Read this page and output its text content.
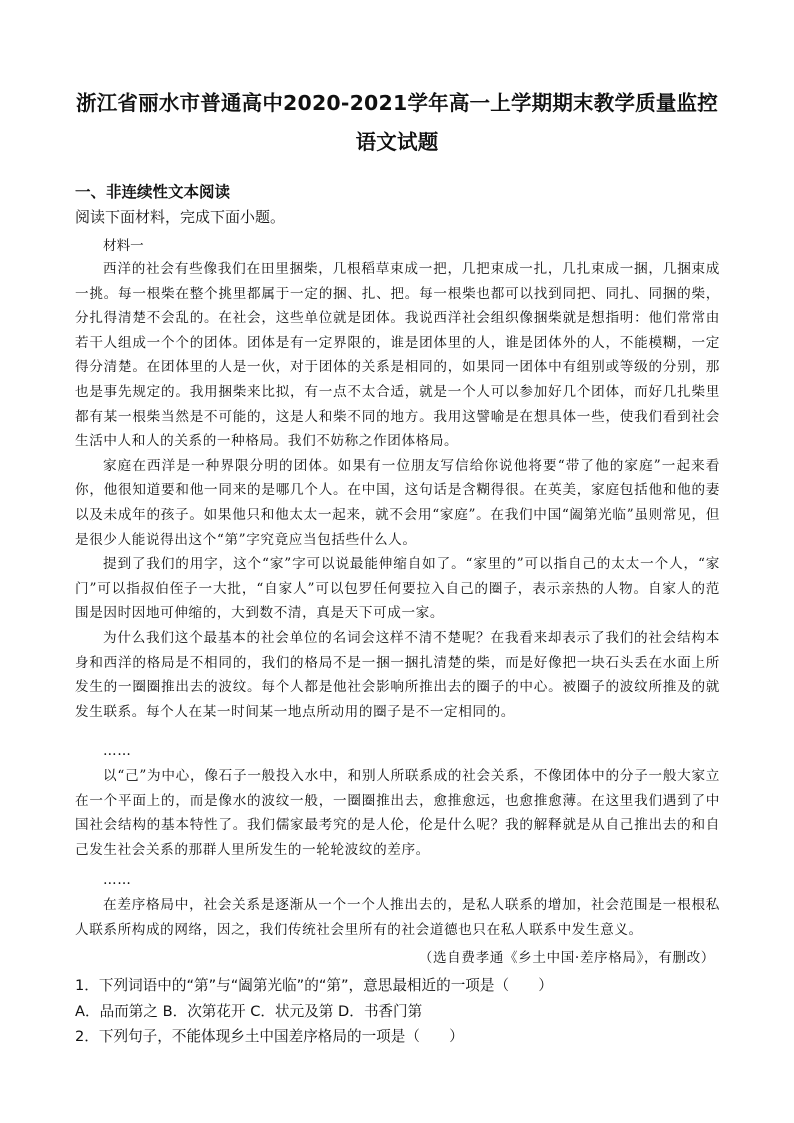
浙江省丽水市普通高中2020-2021学年高一上学期期末教学质量监控
语文试题
一、非连续性文本阅读
阅读下面材料，完成下面小题。
材料一

西洋的社会有些像我们在田里捆柴，几根稻草束成一把，几把束成一扎，几扎束成一捆，几捆束成一挑。每一根柴在整个挑里都属于一定的捆、扎、把。每一根柴也都可以找到同把、同扎、同捆的柴，分扎得清楚不会乱的。在社会，这些单位就是团体。我说西洋社会组织像捆柴就是想指明：他们常常由若干人组成一个个的团体。团体是有一定界限的，谁是团体里的人，谁是团体外的人，不能模糊，一定得分清楚。在团体里的人是一伙，对于团体的关系是相同的，如果同一团体中有组别或等级的分别，那也是事先规定的。我用捆柴来比拟，有一点不太合适，就是一个人可以参加好几个团体，而好几扎柴里都有某一根柴当然是不可能的，这是人和柴不同的地方。我用这譬喻是在想具体一些，使我们看到社会生活中人和人的关系的一种格局。我们不妨称之作团体格局。

家庭在西洋是一种界限分明的团体。如果有一位朋友写信给你说他将要“带了他的家庭”一起来看你，他很知道要和他一同来的是哪几个人。在中国，这句话是含糊得很。在英美，家庭包括他和他的妻以及未成年的孩子。如果他只和他太太一起来，就不会用“家庭”。在我们中国“阖第光临”虽则常见，但是很少人能说得出这个“第”字究竟应当包括些什么人。

提到了我们的用字，这个“家”字可以说最能伸缩自如了。“家里的”可以指自己的太太一个人，“家门”可以指叔伯侄子一大批，“自家人”可以包罗任何要拉入自己的圈子，表示亲热的人物。自家人的范围是因时因地可伸缩的，大到数不清，真是天下可成一家。

为什么我们这个最基本的社会单位的名词会这样不清不楚呢？在我看来却表示了我们的社会结构本身和西洋的格局是不相同的，我们的格局不是一捆一捆扎清楚的柴，而是好像把一块石头丢在水面上所发生的一圈圈推出去的波纹。每个人都是他社会影响所推出去的圈子的中心。被圈子的波纹所推及的就发生联系。每个人在某一时间某一地点所动用的圈子是不一定相同的。

……

以“己”为中心，像石子一般投入水中，和别人所联系成的社会关系，不像团体中的分子一般大家立在一个平面上的，而是像水的波纹一般，一圈圈推出去，愈推愈远，也愈推愈薄。在这里我们遇到了中国社会结构的基本特性了。我们儒家最考究的是人伦，伦是什么呢？我的解释就是从自己推出去的和自己发生社会关系的那群人里所发生的一轮轮波纹的差序。

……

在差序格局中，社会关系是逐渐从一个一个人推出去的，是私人联系的增加，社会范围是一根根私人联系所构成的网络，因之，我们传统社会里所有的社会道德也只在私人联系中发生意义。

（选自费孝通《乡土中国·差序格局》，有删改）
1．下列词语中的“第”与“阖第光临”的“第”，意思最相近的一项是（　　）
A．品而第之 B．次第花开 C．状元及第 D．书香门第
2．下列句子，不能体现乡土中国差序格局的一项是（　　）
